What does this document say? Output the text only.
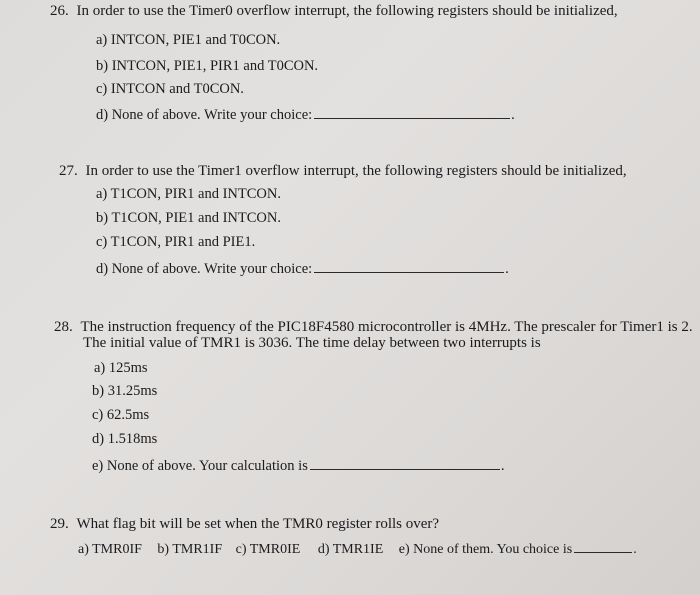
26. In order to use the Timer0 overflow interrupt, the following registers should be initialized,
a) INTCON, PIE1 and T0CON.
b) INTCON, PIE1, PIR1 and T0CON.
c) INTCON and T0CON.
d) None of above. Write your choice:	.
27. In order to use the Timer1 overflow interrupt, the following registers should be initialized,
a) T1CON, PIR1 and INTCON.
b) T1CON, PIE1 and INTCON.
c) T1CON, PIR1 and PIE1.
d) None of above. Write your choice:	.
28. The instruction frequency of the PIC18F4580 microcontroller is 4MHz. The prescaler for Timer1 is 2.
The initial value of TMR1 is 3036. The time delay between two interrupts is
a) 125ms
b) 31.25ms
c) 62.5ms
d) 1.518ms
e) None of above. Your calculation is	.
29. What flag bit will be set when the TMR0 register rolls over?
a) TMR0IF b) TMR1IF c) TMR0IE d) TMR1IE e) None of them. You choice is	.
